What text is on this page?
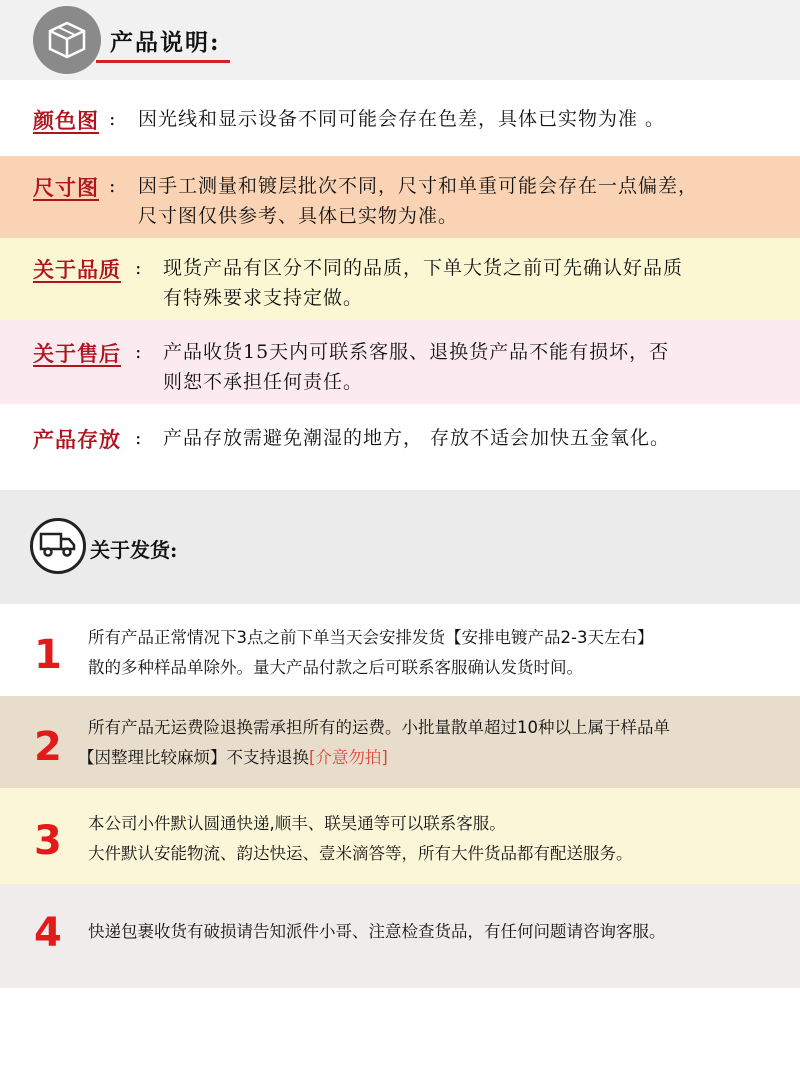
产品说明:
颜色图 : 因光线和显示设备不同可能会存在色差，具体已实物为准 。
尺寸图 : 因手工测量和镀层批次不同，尺寸和单重可能会存在一点偏差，
尺寸图仅供参考、具体已实物为准。
关于品质 : 现货产品有区分不同的品质，下单大货之前可先确认好品质
有特殊要求支持定做。
关于售后 : 产品收货15天内可联系客服、退换货产品不能有损坏，否
则恕不承担任何责任。
产品存放 : 产品存放需避免潮湿的地方， 存放不适会加快五金氧化。
关于发货:
1 所有产品正常情况下3点之前下单当天会安排发货【安排电镀产品2-3天左右】
散的多种样品单除外。量大产品付款之后可联系客服确认发货时间。
2 所有产品无运费险退换需承担所有的运费。小批量散单超过10种以上属于样品单
【因整理比较麻烦】不支持退换[介意勿拍]
3 本公司小件默认圆通快递,顺丰、联昊通等可以联系客服。
大件默认安能物流、韵达快运、壹米滴答等，所有大件货品都有配送服务。
4 快递包裹收货有破损请告知派件小哥、注意检查货品，有任何问题请咨询客服。
